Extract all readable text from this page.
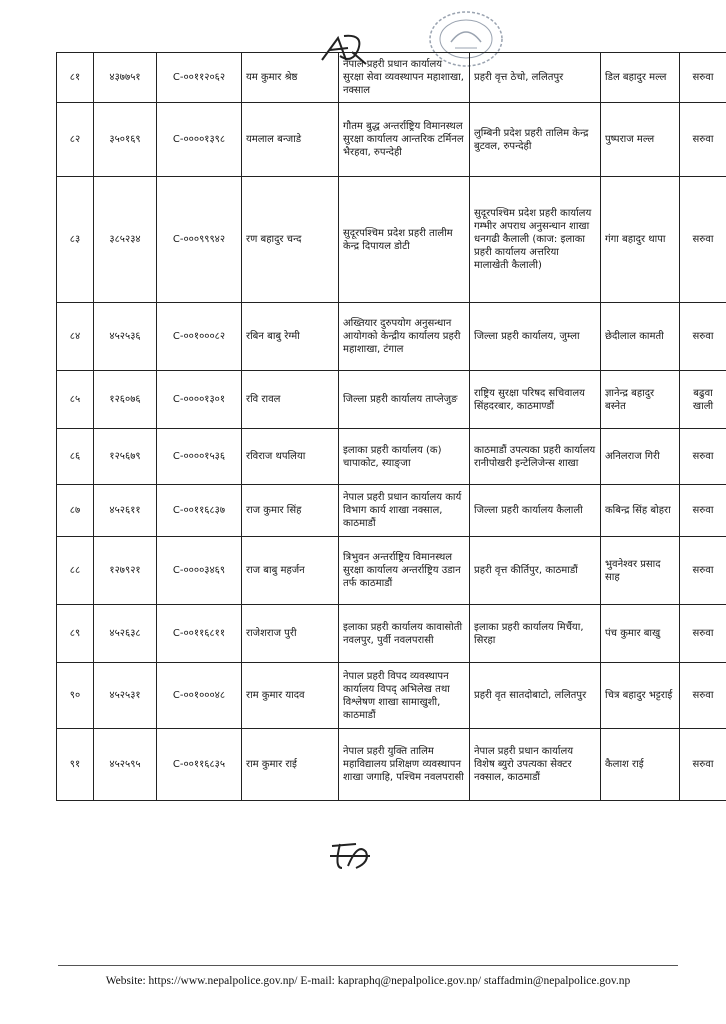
८१	४३७७५१	C-००११२०६२	यम कुमार श्रेष्ठ	नेपाल प्रहरी प्रधान कार्यालय सुरक्षा सेवा व्यवस्थापन महाशाखा, नक्साल	प्रहरी वृत्त ठेचो, ललितपुर	डिल बहादुर मल्ल	सरुवा
८२	३५०१६९	C-००००१३९८	यमलाल बन्जाडे	गौतम बुद्ध अन्तर्राष्ट्रिय विमानस्थल सुरक्षा कार्यालय आन्तरिक टर्मिनल भैरहवा, रुपन्देही	लुम्बिनी प्रदेश प्रहरी तालिम केन्द्र बुटवल, रुपन्देही	पुष्पराज मल्ल	सरुवा
८३	३८५२३४	C-०००९९९४२	रण बहादुर चन्द	सुदूरपश्चिम प्रदेश प्रहरी तालीम केन्द्र दिपायल डोटी	सुदूरपश्चिम प्रदेश प्रहरी कार्यालय गम्भीर अपराध अनुसन्धान शाखा धनगढी कैलाली (काज: इलाका प्रहरी कार्यालय अत्तरिया मालाखेती कैलाली)	गंगा बहादुर थापा	सरुवा
८४	४५२५३६	C-००१०००८२	रबिन बाबु रेग्मी	अख्तियार दुरुपयोग अनुसन्धान आयोगको केन्द्रीय कार्यालय प्रहरी महाशाखा, टंगाल	जिल्ला प्रहरी कार्यालय, जुम्ला	छेदीलाल कामती	सरुवा
८५	१२६०७६	C-००००१३०१	रवि रावल	जिल्ला प्रहरी कार्यालय ताप्लेजुङ	राष्ट्रिय सुरक्षा परिषद सचिवालय सिंहदरबार, काठमाण्डौं	ज्ञानेन्द्र बहादुर बस्नेत	बढुवा खाली
८६	१२५६७९	C-००००१५३६	रविराज थपलिया	इलाका प्रहरी कार्यालय (क) चापाकोट, स्याङ्जा	काठमाडौं उपत्यका प्रहरी कार्यालय रानीपोखरी इन्टेलिजेन्स शाखा	अनिलराज गिरी	सरुवा
८७	४५२६११	C-००११६८३७	राज कुमार सिंह	नेपाल प्रहरी प्रधान कार्यालय कार्य विभाग कार्य शाखा नक्साल, काठमाडौं	जिल्ला प्रहरी कार्यालय कैलाली	कबिन्द्र सिंह बोहरा	सरुवा
८८	१२७९२१	C-००००३४६९	राज बाबु महर्जन	त्रिभुवन अन्तर्राष्ट्रिय विमानस्थल सुरक्षा कार्यालय अन्तर्राष्ट्रिय उडान तर्फ काठमाडौं	प्रहरी वृत्त कीर्तिपुर, काठमाडौं	भुवनेश्वर प्रसाद साह	सरुवा
८९	४५२६३८	C-००११६८११	राजेशराज पुरी	इलाका प्रहरी कार्यालय कावासोती नवलपुर, पुर्वी नवलपरासी	इलाका प्रहरी कार्यालय मिर्चैया, सिरहा	पंच कुमार बाखु	सरुवा
९०	४५२५३१	C-००१०००४८	राम कुमार यादव	नेपाल प्रहरी विपद व्यवस्थापन कार्यालय विपद् अभिलेख तथा विश्लेषण शाखा सामाखुशी, काठमाडौं	प्रहरी वृत सातदोबाटो, ललितपुर	चित्र बहादुर भट्टराई	सरुवा
९१	४५२५९५	C-००११६८३५	राम कुमार राई	नेपाल प्रहरी युक्ति तालिम महाविद्यालय प्रशिक्षण व्यवस्थापन शाखा जगाहि, पश्चिम नवलपरासी	नेपाल प्रहरी प्रधान कार्यालय विशेष ब्युरो उपत्यका सेक्टर नक्साल, काठमाडौं	कैलाश राई	सरुवा
Website: https://www.nepalpolice.gov.np/ E-mail: kapraphq@nepalpolice.gov.np/ staffadmin@nepalpolice.gov.np
